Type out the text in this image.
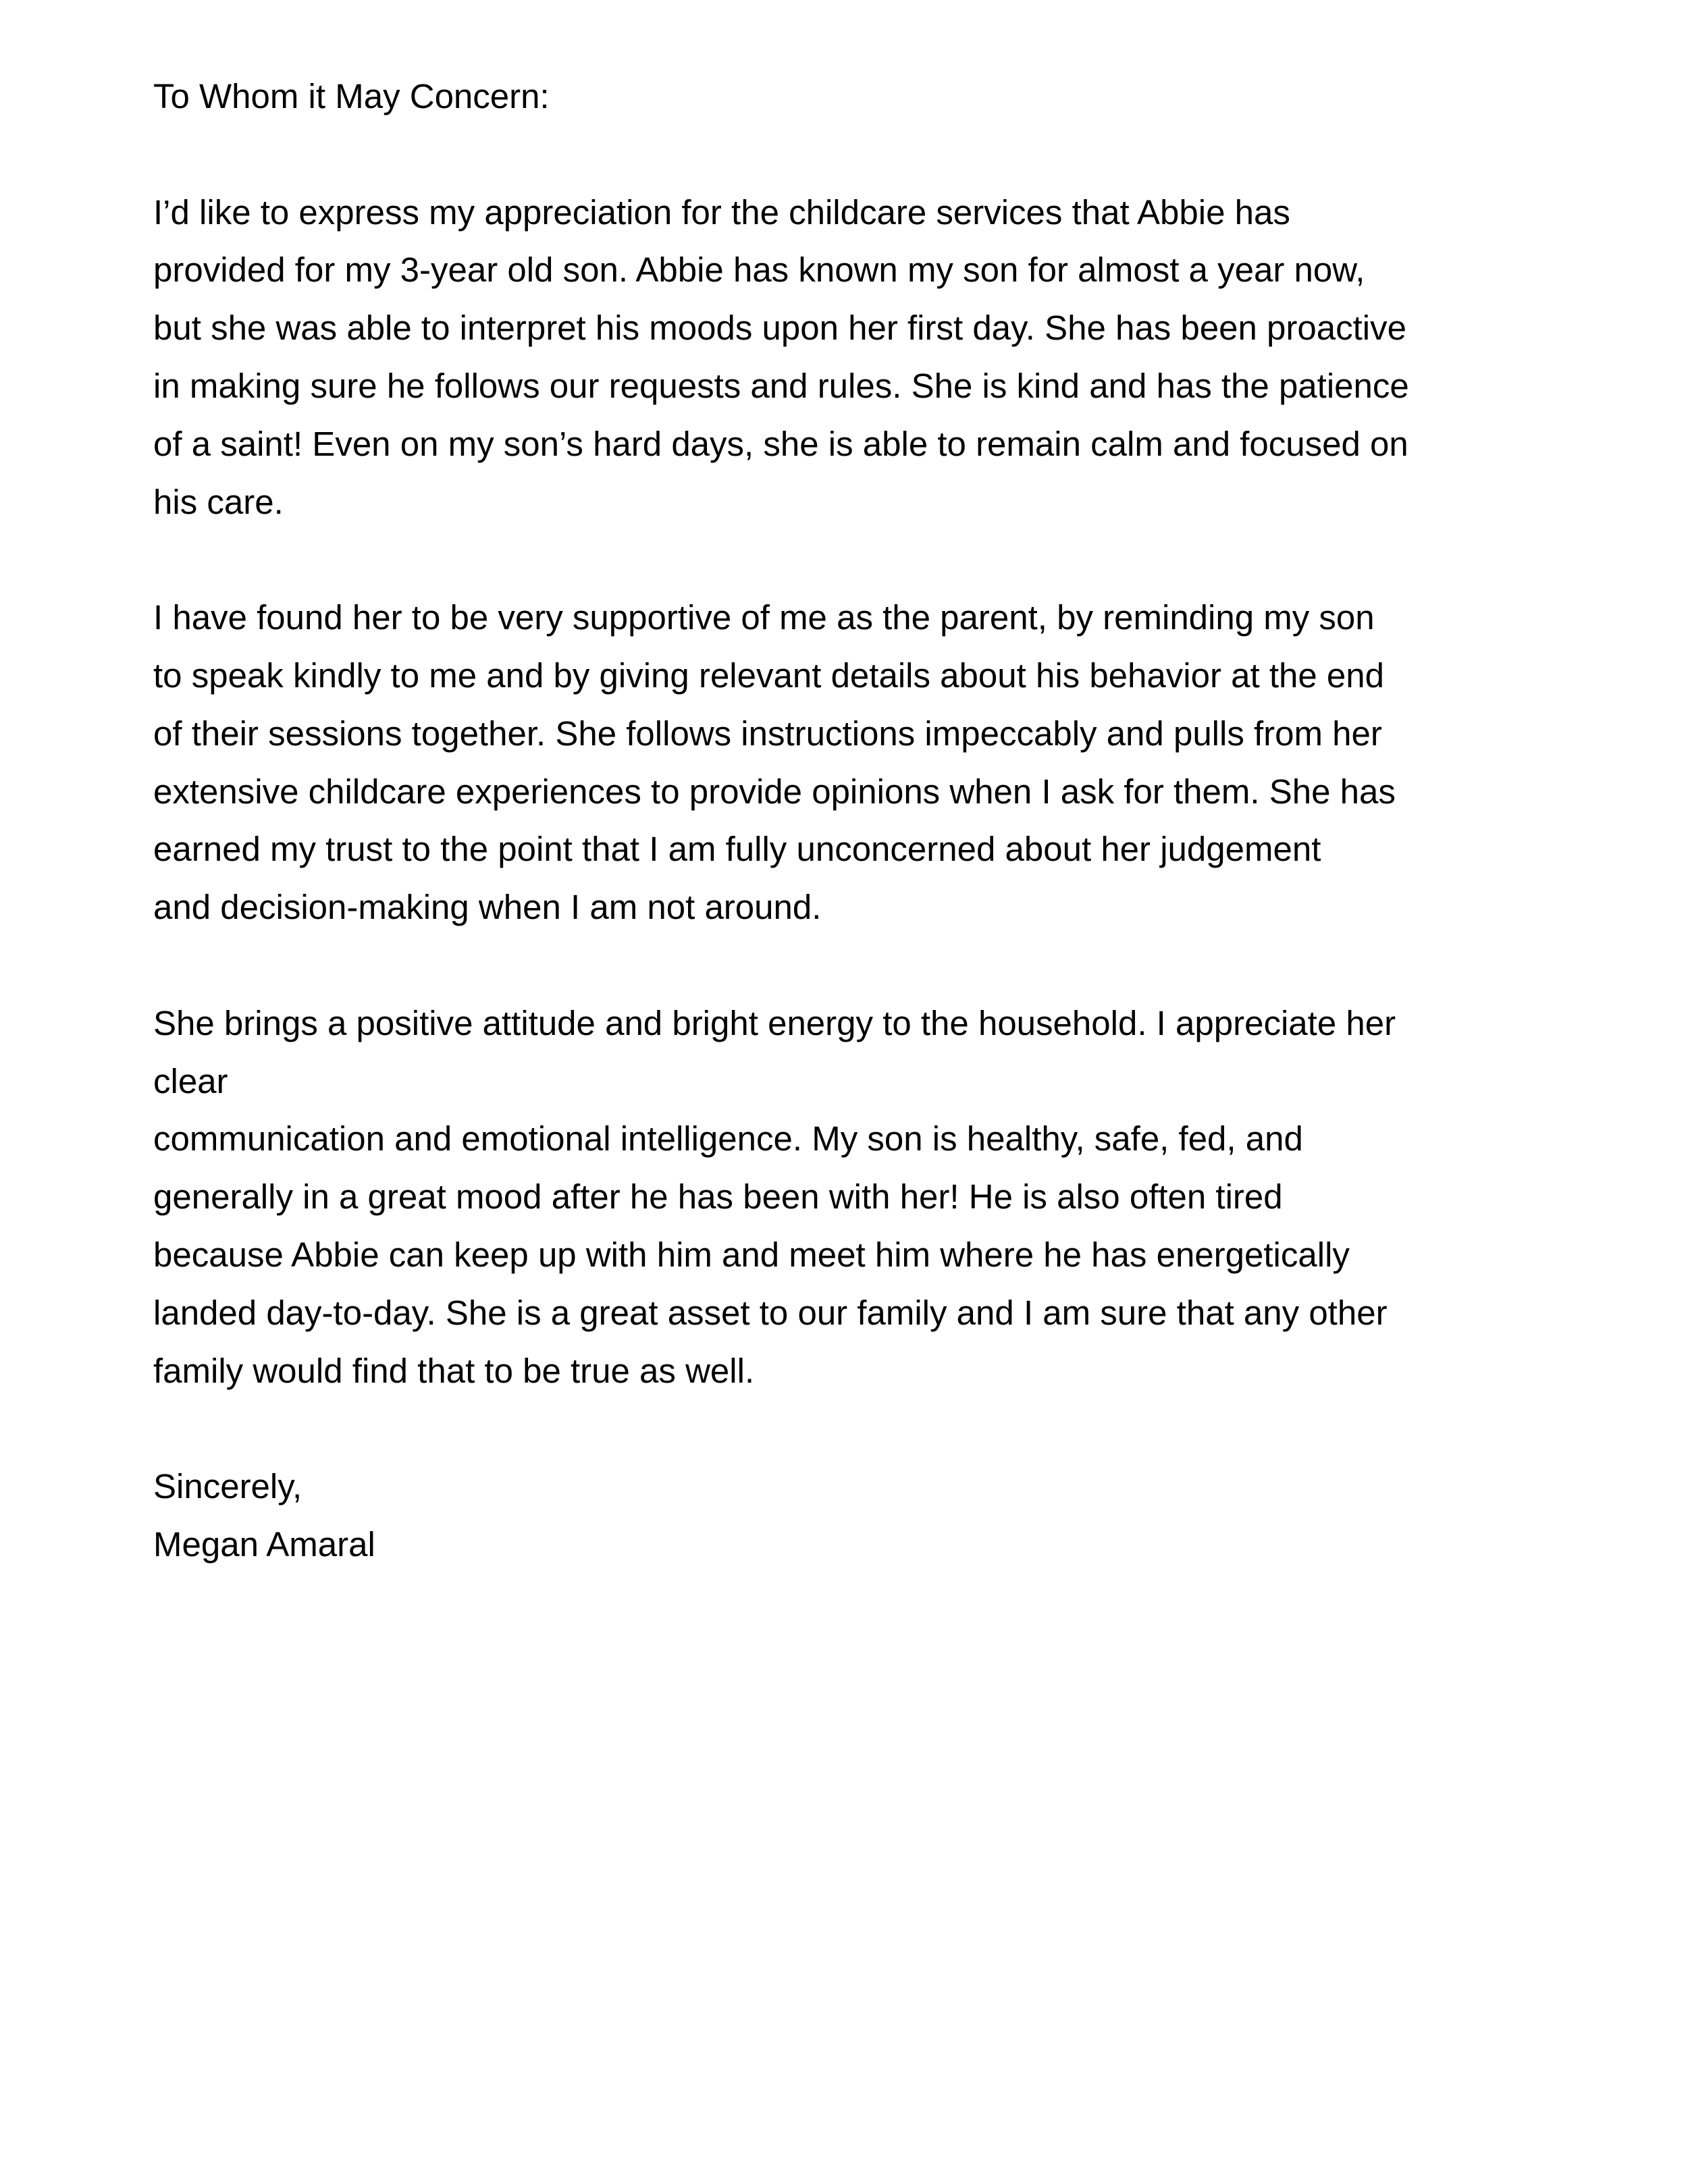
To Whom it May Concern:
I’d like to express my appreciation for the childcare services that Abbie has
provided for my 3-year old son. Abbie has known my son for almost a year now,
but she was able to interpret his moods upon her first day. She has been proactive
in making sure he follows our requests and rules. She is kind and has the patience
of a saint! Even on my son’s hard days, she is able to remain calm and focused on
his care.
I have found her to be very supportive of me as the parent, by reminding my son
to speak kindly to me and by giving relevant details about his behavior at the end
of their sessions together. She follows instructions impeccably and pulls from her
extensive childcare experiences to provide opinions when I ask for them. She has
earned my trust to the point that I am fully unconcerned about her judgement
and decision-making when I am not around.
She brings a positive attitude and bright energy to the household. I appreciate her
clear
communication and emotional intelligence. My son is healthy, safe, fed, and
generally in a great mood after he has been with her! He is also often tired
because Abbie can keep up with him and meet him where he has energetically
landed day-to-day. She is a great asset to our family and I am sure that any other
family would find that to be true as well.
Sincerely,
Megan Amaral
